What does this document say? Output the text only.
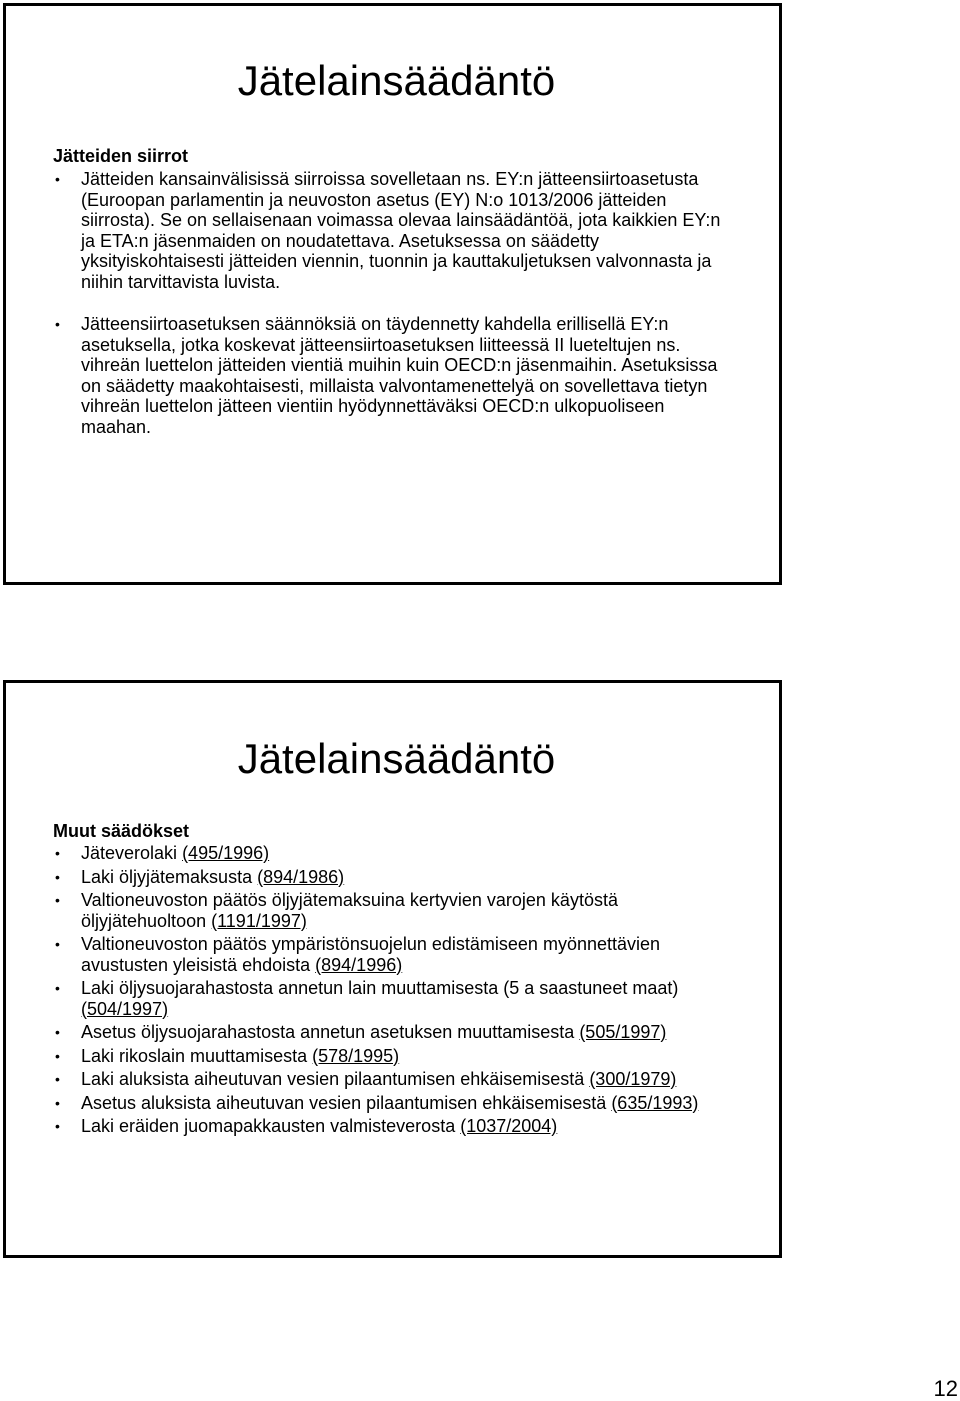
Jätelainsäädäntö
Jätteiden siirrot
• Jätteiden kansainvälisissä siirroissa sovelletaan ns. EY:n jätteensiirtoasetusta (Euroopan parlamentin ja neuvoston asetus (EY) N:o 1013/2006 jätteiden siirrosta). Se on sellaisenaan voimassa olevaa lainsäädäntöä, jota kaikkien EY:n ja ETA:n jäsenmaiden on noudatettava. Asetuksessa on säädetty yksityiskohtaisesti jätteiden viennin, tuonnin ja kauttakuljetuksen valvonnasta ja niihin tarvittavista luvista.
• Jätteensiirtoasetuksen säännöksiä on täydennetty kahdella erillisellä EY:n asetuksella, jotka koskevat jätteensiirtoasetuksen liitteessä II lueteltujen ns. vihreän luettelon jätteiden vientiä muihin kuin OECD:n jäsenmaihin. Asetuksissa on säädetty maakohtaisesti, millaista valvontamenettelyä on sovellettava tietyn vihreän luettelon jätteen vientiin hyödynnettäväksi OECD:n ulkopuoliseen maahan.
Jätelainsäädäntö
Muut säädökset
• Jäteverolaki (495/1996)
• Laki öljyjätemaksusta (894/1986)
• Valtioneuvoston päätös öljyjätemaksuina kertyvien varojen käytöstä öljyjätehuoltoon (1191/1997)
• Valtioneuvoston päätös ympäristönsuojelun edistämiseen myönnettävien avustusten yleisistä ehdoista (894/1996)
• Laki öljysuojarahastosta annetun lain muuttamisesta (5 a saastuneet maat) (504/1997)
• Asetus öljysuojarahastosta annetun asetuksen muuttamisesta (505/1997)
• Laki rikoslain muuttamisesta (578/1995)
• Laki aluksista aiheutuvan vesien pilaantumisen ehkäisemisestä (300/1979)
• Asetus aluksista aiheutuvan vesien pilaantumisen ehkäisemisestä (635/1993)
• Laki eräiden juomapakkausten valmisteverosta (1037/2004)
12
